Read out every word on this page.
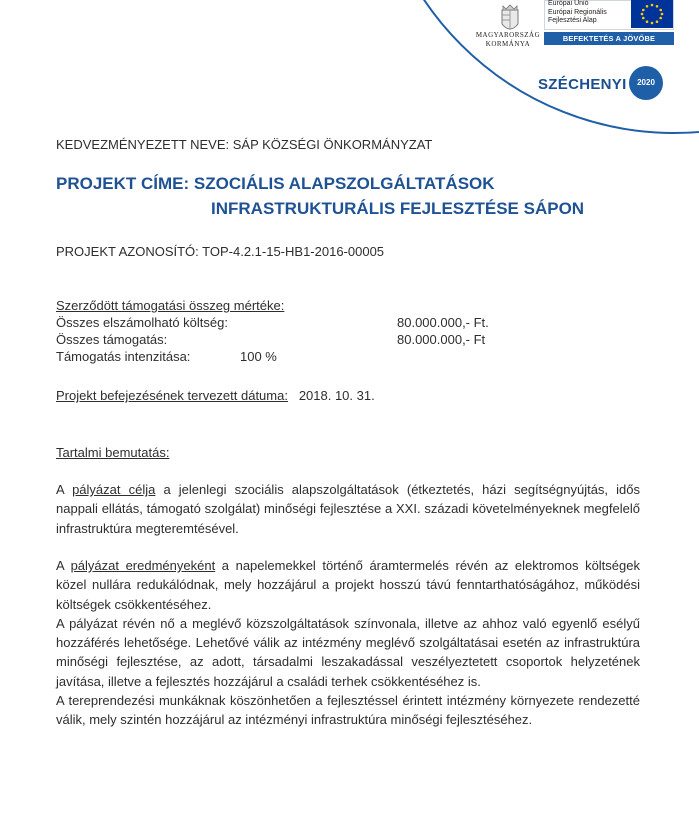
MAGYARORSZÁG
KORMÁNYA
Európai Unió
Európai Regionális
Fejlesztési Alap
BEFEKTETÉS A JÖVŐBE
SZÉCHENYI	2020
KEDVEZMÉNYEZETT NEVE: SÁP KÖZSÉGI ÖNKORMÁNYZAT
PROJEKT CÍME: SZOCIÁLIS ALAPSZOLGÁLTATÁSOK
INFRASTRUKTURÁLIS FEJLESZTÉSE SÁPON
PROJEKT AZONOSÍTÓ: TOP-4.2.1-15-HB1-2016-00005
Szerződött támogatási összeg mértéke:
Összes elszámolható költség:	80.000.000,- Ft.
Összes támogatás:	80.000.000,- Ft
Támogatás intenzitása:	100 %
Projekt befejezésének tervezett dátuma: 2018. 10. 31.
Tartalmi bemutatás:

A pályázat célja a jelenlegi szociális alapszolgáltatások (étkeztetés, házi segítségnyújtás, idős nappali ellátás, támogató szolgálat) minőségi fejlesztése a XXI. századi követelményeknek megfelelő infrastruktúra megteremtésével.

A pályázat eredményeként a napelemekkel történő áramtermelés révén az elektromos költségek közel nullára redukálódnak, mely hozzájárul a projekt hosszú távú fenntarthatóságához, működési költségek csökkentéséhez.

A pályázat révén nő a meglévő közszolgáltatások színvonala, illetve az ahhoz való egyenlő esélyű hozzáférés lehetősége. Lehetővé válik az intézmény meglévő szolgáltatásai esetén az infrastruktúra minőségi fejlesztése, az adott, társadalmi leszakadással veszélyeztetett csoportok helyzetének javítása, illetve a fejlesztés hozzájárul a családi terhek csökkentéséhez is.

A tereprendezési munkáknak köszönhetően a fejlesztéssel érintett intézmény környezete rendezetté válik, mely szintén hozzájárul az intézményi infrastruktúra minőségi fejlesztéséhez.
